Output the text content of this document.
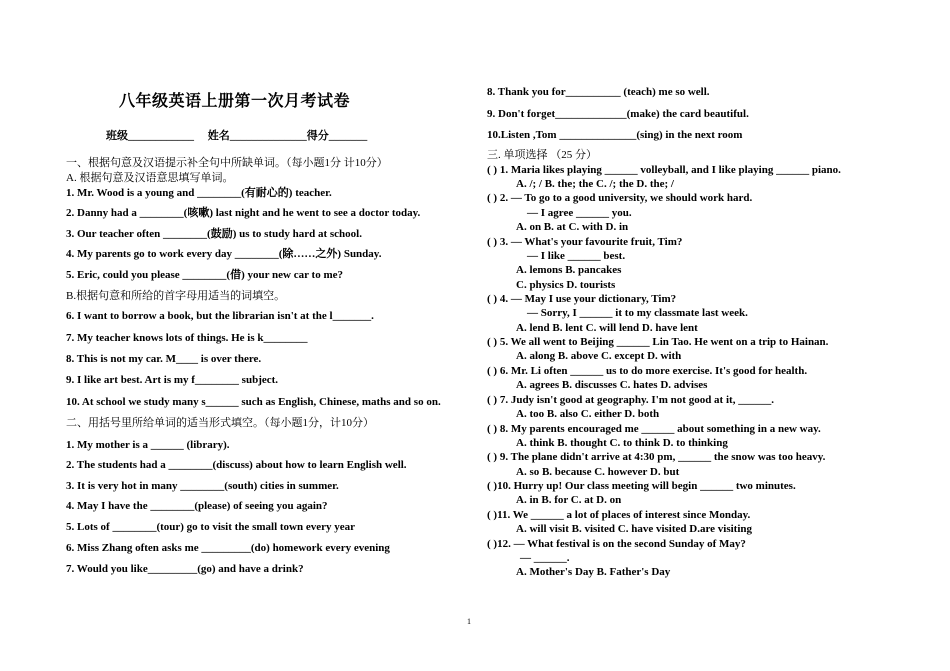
八年级英语上册第一次月考试卷
班级____________ 　姓名______________得分_______
一、根据句意及汉语提示补全句中所缺单词。（每小题1分 计10分）
A. 根据句意及汉语意思填写单词。
1. Mr. Wood is a young and ________(有耐心的) teacher.
2. Danny had a ________(咳嗽) last night and he went to see a doctor today.
3. Our teacher often ________(鼓励) us to study hard at school.
4. My parents go to work every day ________(除……之外) Sunday.
5. Eric, could you please ________(借) your new car to me?
B.根据句意和所给的首字母用适当的词填空。
6. I want to borrow a book, but the librarian isn't at the l_______.
7. My teacher knows lots of things. He is k________
8. This is not my car. M____ is over there.
9. I like art best. Art is my f________ subject.
10. At school we study many s______ such as English, Chinese, maths and so on.
二、用括号里所给单词的适当形式填空。（每小题1分，计10分）
1. My mother is a ______ (library).
2. The students had a ________(discuss) about how to learn English well.
3. It is very hot in many ________(south) cities in summer.
4. May I have the ________(please) of seeing you again?
5. Lots of ________(tour) go to visit the small town every year
6. Miss Zhang often asks me _________(do) homework every evening
7. Would you like_________(go) and have a drink?
8. Thank you for__________ (teach) me so well.
9. Don't forget_____________(make) the card beautiful.
10.Listen ,Tom ______________(sing) in the next room
三. 单项选择 （25 分）
( ) 1. Maria likes playing ______ volleyball, and I like playing ______ piano.
A. /; / B. the; the C. /; the D. the; /
( ) 2. — To go to a good university, we should work hard.
— I agree ______ you.
A. on B. at C. with D. in
( ) 3. — What's your favourite fruit, Tim?
— I like ______ best.
A. lemons B. pancakes
C. physics D. tourists
( ) 4. — May I use your dictionary, Tim?
— Sorry, I ______ it to my classmate last week.
A. lend B. lent C. will lend D. have lent
( ) 5. We all went to Beijing ______ Lin Tao. He went on a trip to Hainan.
A. along B. above C. except D. with
( ) 6. Mr. Li often ______ us to do more exercise. It's good for health.
A. agrees B. discusses C. hates D. advises
( ) 7. Judy isn't good at geography. I'm not good at it, ______.
A. too B. also C. either D. both
( ) 8. My parents encouraged me ______ about something in a new way.
A. think B. thought C. to think D. to thinking
( ) 9. The plane didn't arrive at 4:30 pm, ______ the snow was too heavy.
A. so B. because C. however D. but
( )10. Hurry up! Our class meeting will begin ______ two minutes.
A. in B. for C. at D. on
( )11. We ______ a lot of places of interest since Monday.
A. will visit B. visited C. have visited D.are visiting
( )12. — What festival is on the second Sunday of May?
— ______.
A. Mother's Day B. Father's Day
1
